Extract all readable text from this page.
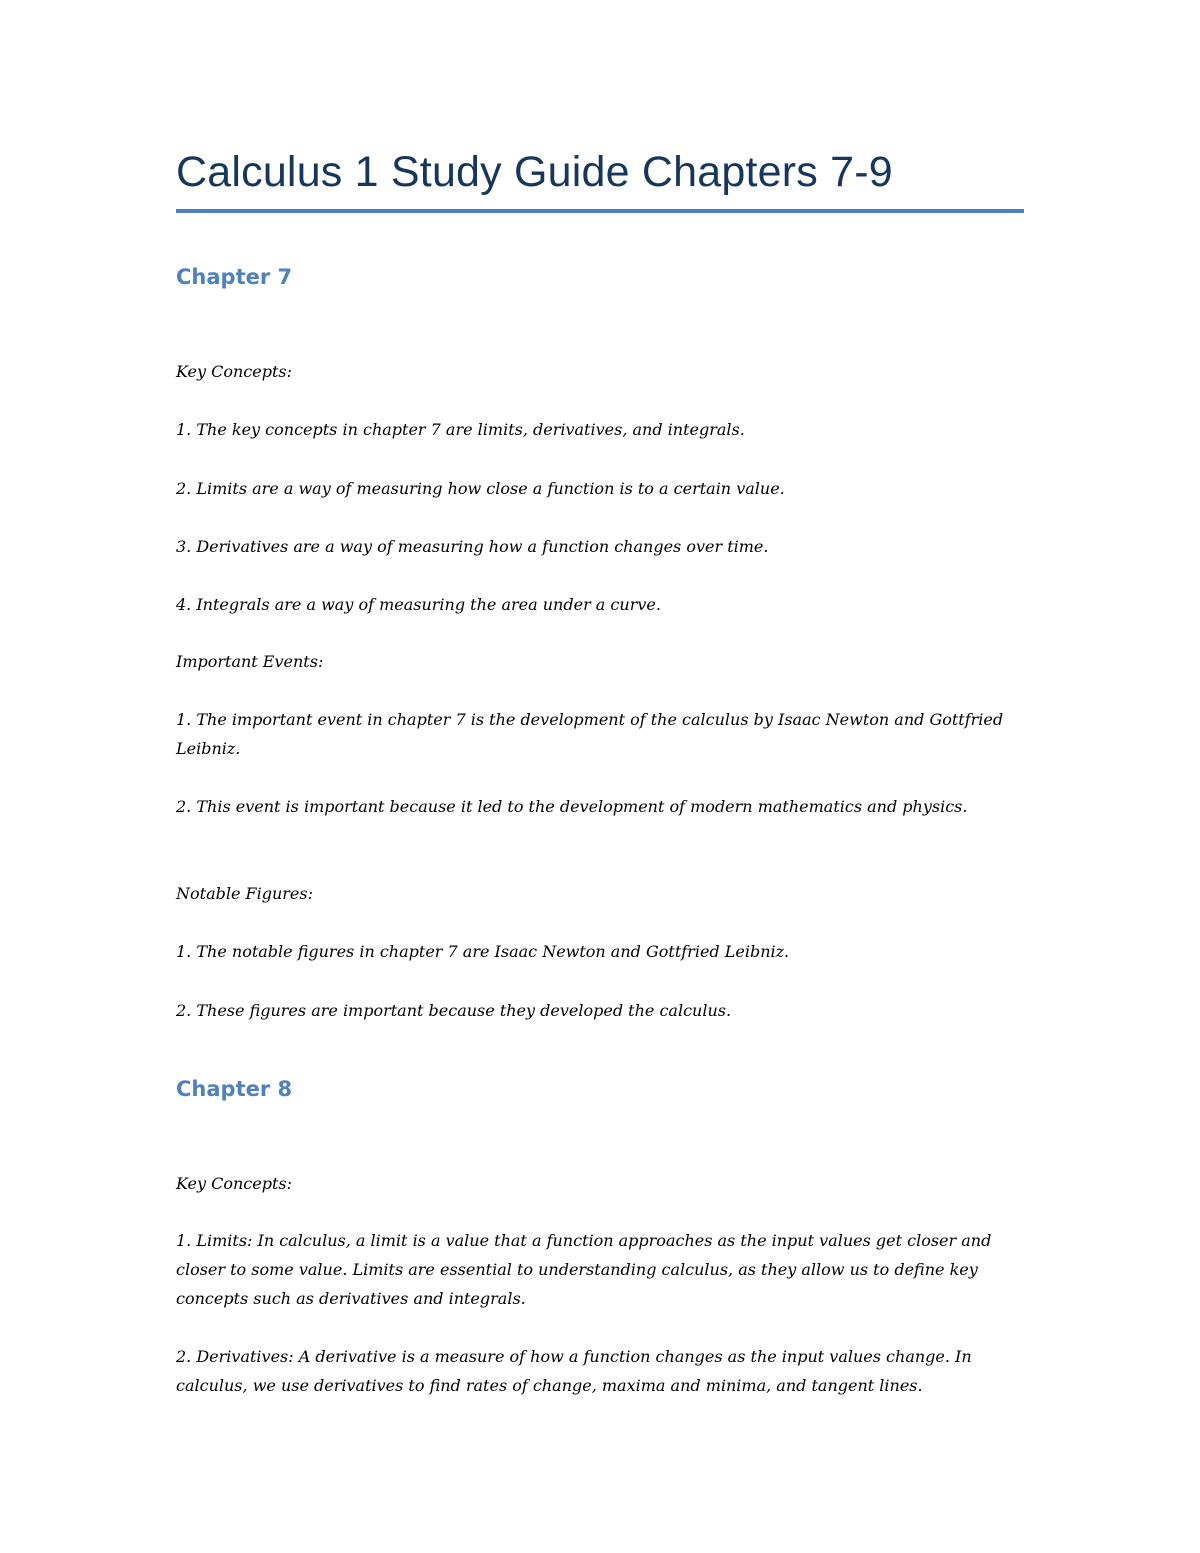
Calculus 1 Study Guide Chapters 7-9
Chapter 7
Key Concepts:
1. The key concepts in chapter 7 are limits, derivatives, and integrals.
2. Limits are a way of measuring how close a function is to a certain value.
3. Derivatives are a way of measuring how a function changes over time.
4. Integrals are a way of measuring the area under a curve.
Important Events:
1. The important event in chapter 7 is the development of the calculus by Isaac Newton and Gottfried Leibniz.
2. This event is important because it led to the development of modern mathematics and physics.
Notable Figures:
1. The notable figures in chapter 7 are Isaac Newton and Gottfried Leibniz.
2. These figures are important because they developed the calculus.
Chapter 8
Key Concepts:
1. Limits: In calculus, a limit is a value that a function approaches as the input values get closer and closer to some value. Limits are essential to understanding calculus, as they allow us to define key concepts such as derivatives and integrals.
2. Derivatives: A derivative is a measure of how a function changes as the input values change. In calculus, we use derivatives to find rates of change, maxima and minima, and tangent lines.
